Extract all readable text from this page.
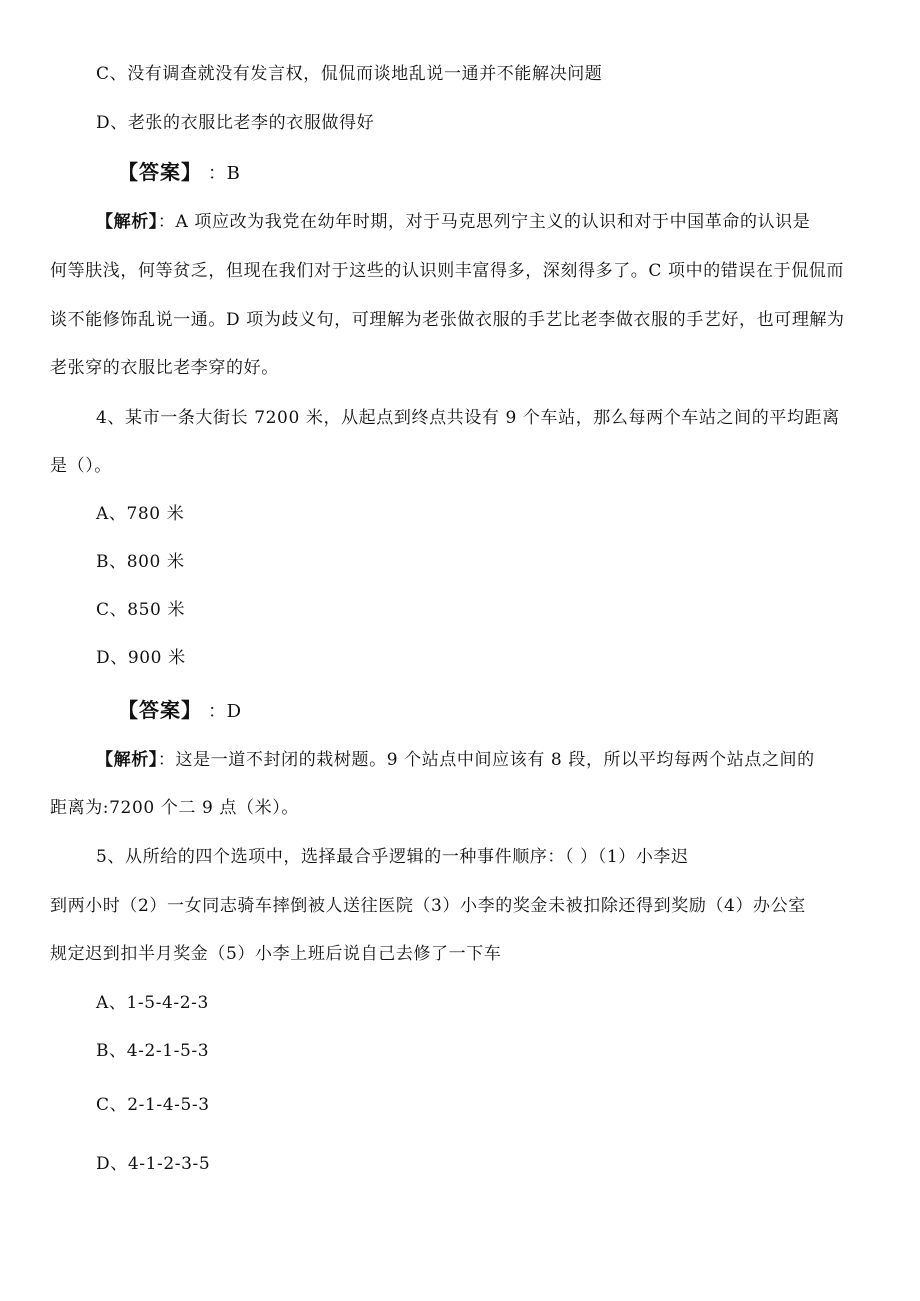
C、没有调查就没有发言权，侃侃而谈地乱说一通并不能解决问题
D、老张的衣服比老李的衣服做得好
【答案】 ：B
【解析】：A 项应改为我党在幼年时期，对于马克思列宁主义的认识和对于中国革命的认识是
何等肤浅，何等贫乏，但现在我们对于这些的认识则丰富得多，深刻得多了。C 项中的错误在于侃侃而
谈不能修饰乱说一通。D 项为歧义句，可理解为老张做衣服的手艺比老李做衣服的手艺好，也可理解为
老张穿的衣服比老李穿的好。
4、某市一条大街长 7200 米，从起点到终点共设有 9 个车站，那么每两个车站之间的平均距离
是（）。
A、780 米
B、800 米
C、850 米
D、900 米
【答案】 ：D
【解析】：这是一道不封闭的栽树题。9 个站点中间应该有 8 段，所以平均每两个站点之间的
距离为:7200 个二 9 点（米）。
5、从所给的四个选项中，选择最合乎逻辑的一种事件顺序：（ ）（1）小李迟
到两小时（2）一女同志骑车摔倒被人送往医院（3）小李的奖金未被扣除还得到奖励（4）办公室
规定迟到扣半月奖金（5）小李上班后说自己去修了一下车
A、1-5-4-2-3
B、4-2-1-5-3
C、2-1-4-5-3
D、4-1-2-3-5
